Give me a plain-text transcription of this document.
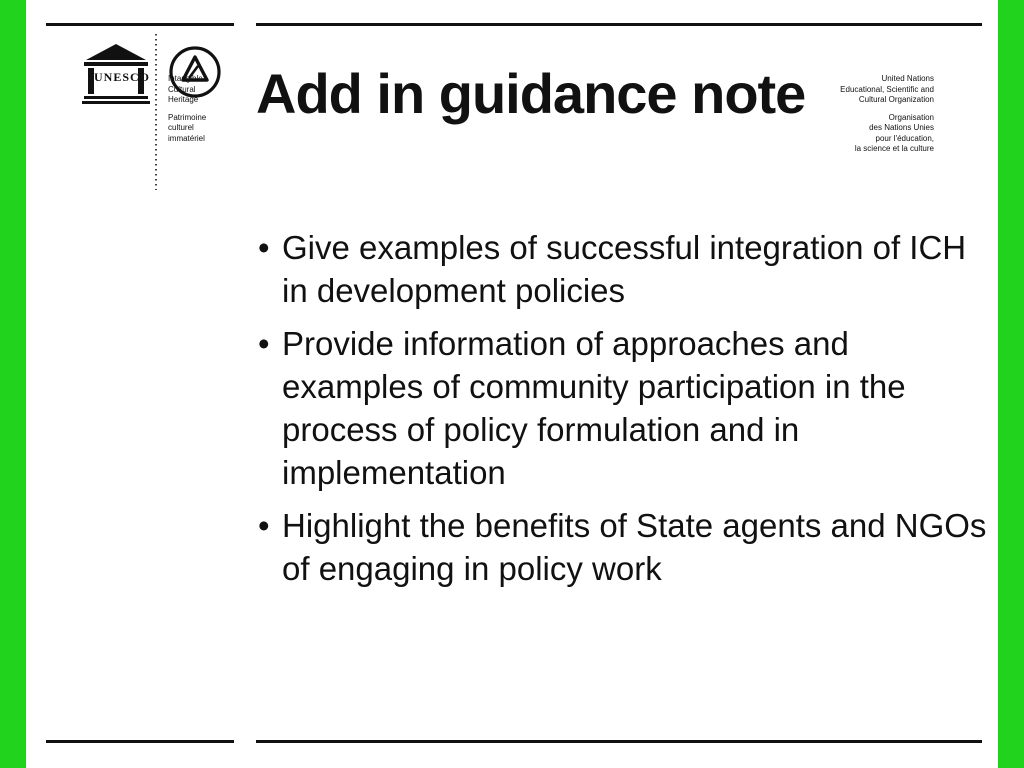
UNESCO	United Nations
Educational, Scientific and
Cultural Organization
Organisation
des Nations Unies
pour l'éducation,
la science et la culture
Intangible
Cultural
Heritage
Patrimoine
culturel
immatériel
Add in guidance note
• Give examples of successful integration of ICH in development policies
• Provide information of approaches and examples of community participation in the process of policy formulation and in implementation
• Highlight the benefits of State agents and NGOs of engaging in policy work
